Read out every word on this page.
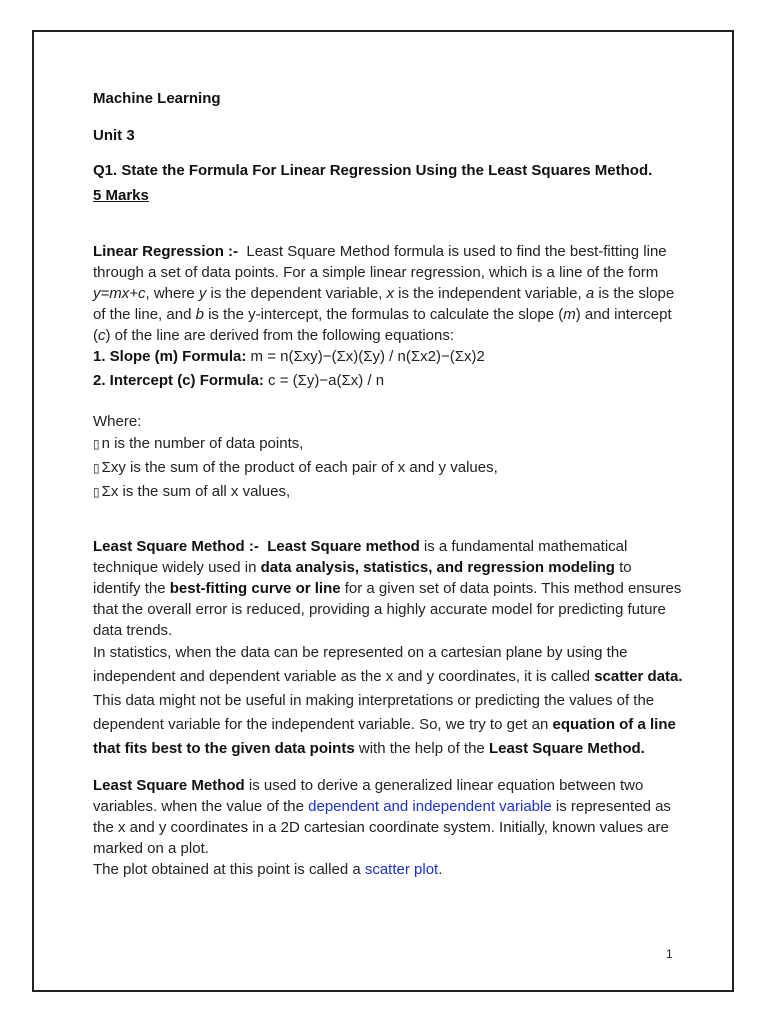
Machine Learning

Unit 3

Q1. State the Formula For Linear Regression Using the Least Squares Method.

5 Marks

Linear Regression :- Least Square Method formula is used to find the best-fitting line through a set of data points. For a simple linear regression, which is a line of the form y=mx+c, where y is the dependent variable, x is the independent variable, a is the slope of the line, and b is the y-intercept, the formulas to calculate the slope (m) and intercept (c) of the line are derived from the following equations:

1. Slope (m) Formula: m = n(Σxy)−(Σx)(Σy) / n(Σx2)−(Σx)2

2. Intercept (c) Formula: c = (Σy)−a(Σx) / n

Where:

▯ n is the number of data points,

▯ Σxy is the sum of the product of each pair of x and y values,

▯ Σx is the sum of all x values,

Least Square Method :- Least Square method is a fundamental mathematical technique widely used in data analysis, statistics, and regression modeling to identify the best-fitting curve or line for a given set of data points. This method ensures that the overall error is reduced, providing a highly accurate model for predicting future data trends.

In statistics, when the data can be represented on a cartesian plane by using the independent and dependent variable as the x and y coordinates, it is called scatter data. This data might not be useful in making interpretations or predicting the values of the dependent variable for the independent variable. So, we try to get an equation of a line that fits best to the given data points with the help of the Least Square Method.

Least Square Method is used to derive a generalized linear equation between two variables. when the value of the dependent and independent variable is represented as the x and y coordinates in a 2D cartesian coordinate system. Initially, known values are marked on a plot.

The plot obtained at this point is called a scatter plot.

1
